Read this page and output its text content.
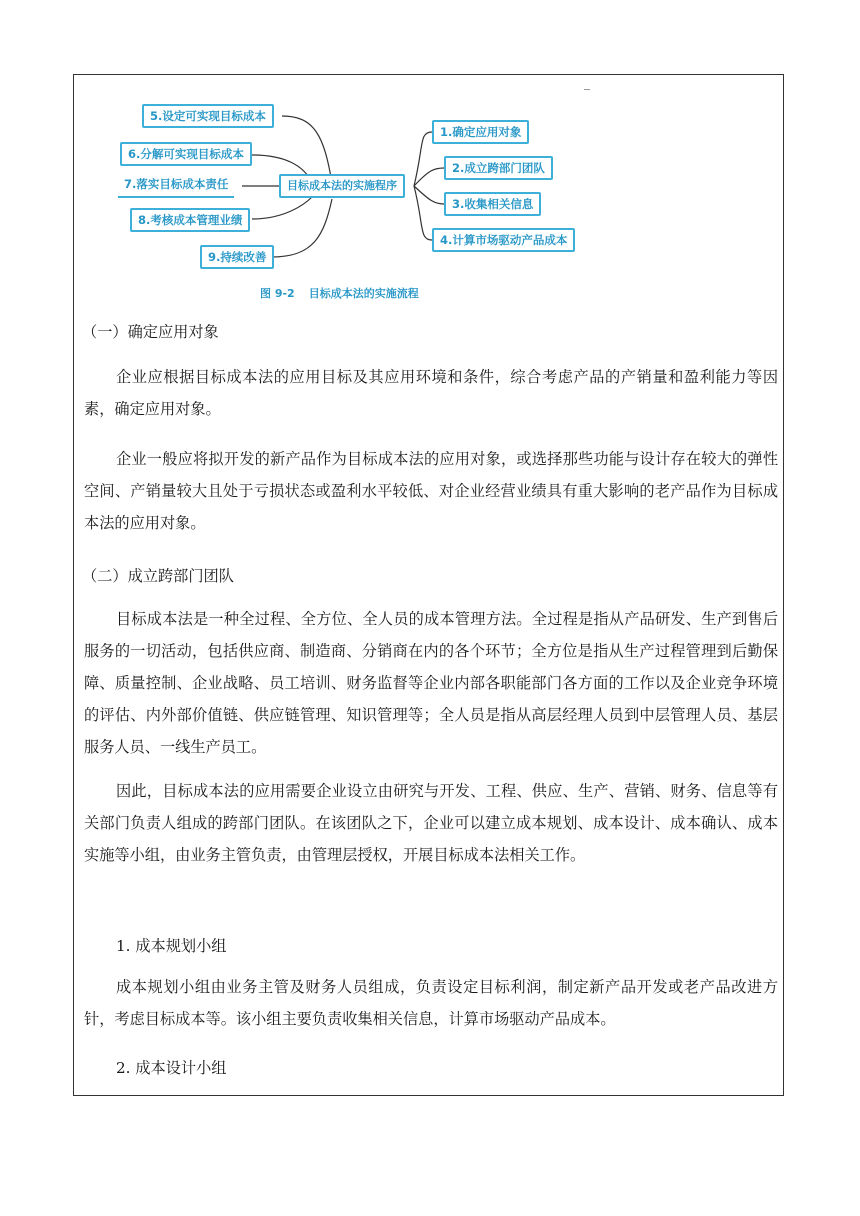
5.设定可实现目标成本
6.分解可实现目标成本
7.落实目标成本责任
8.考核成本管理业绩
9.持续改善
目标成本法的实施程序
1.确定应用对象
2.成立跨部门团队
3.收集相关信息
4.计算市场驱动产品成本
图 9-2 目标成本法的实施流程
（一）确定应用对象
企业应根据目标成本法的应用目标及其应用环境和条件，综合考虑产品的产销量和盈利能力等因素，确定应用对象。
企业一般应将拟开发的新产品作为目标成本法的应用对象，或选择那些功能与设计存在较大的弹性空间、产销量较大且处于亏损状态或盈利水平较低、对企业经营业绩具有重大影响的老产品作为目标成本法的应用对象。
（二）成立跨部门团队
目标成本法是一种全过程、全方位、全人员的成本管理方法。全过程是指从产品研发、生产到售后服务的一切活动，包括供应商、制造商、分销商在内的各个环节；全方位是指从生产过程管理到后勤保障、质量控制、企业战略、员工培训、财务监督等企业内部各职能部门各方面的工作以及企业竞争环境的评估、内外部价值链、供应链管理、知识管理等；全人员是指从高层经理人员到中层管理人员、基层服务人员、一线生产员工。
因此，目标成本法的应用需要企业设立由研究与开发、工程、供应、生产、营销、财务、信息等有关部门负责人组成的跨部门团队。在该团队之下，企业可以建立成本规划、成本设计、成本确认、成本实施等小组，由业务主管负责，由管理层授权，开展目标成本法相关工作。
1. 成本规划小组
成本规划小组由业务主管及财务人员组成，负责设定目标利润，制定新产品开发或老产品改进方针，考虑目标成本等。该小组主要负责收集相关信息，计算市场驱动产品成本。
2. 成本设计小组
